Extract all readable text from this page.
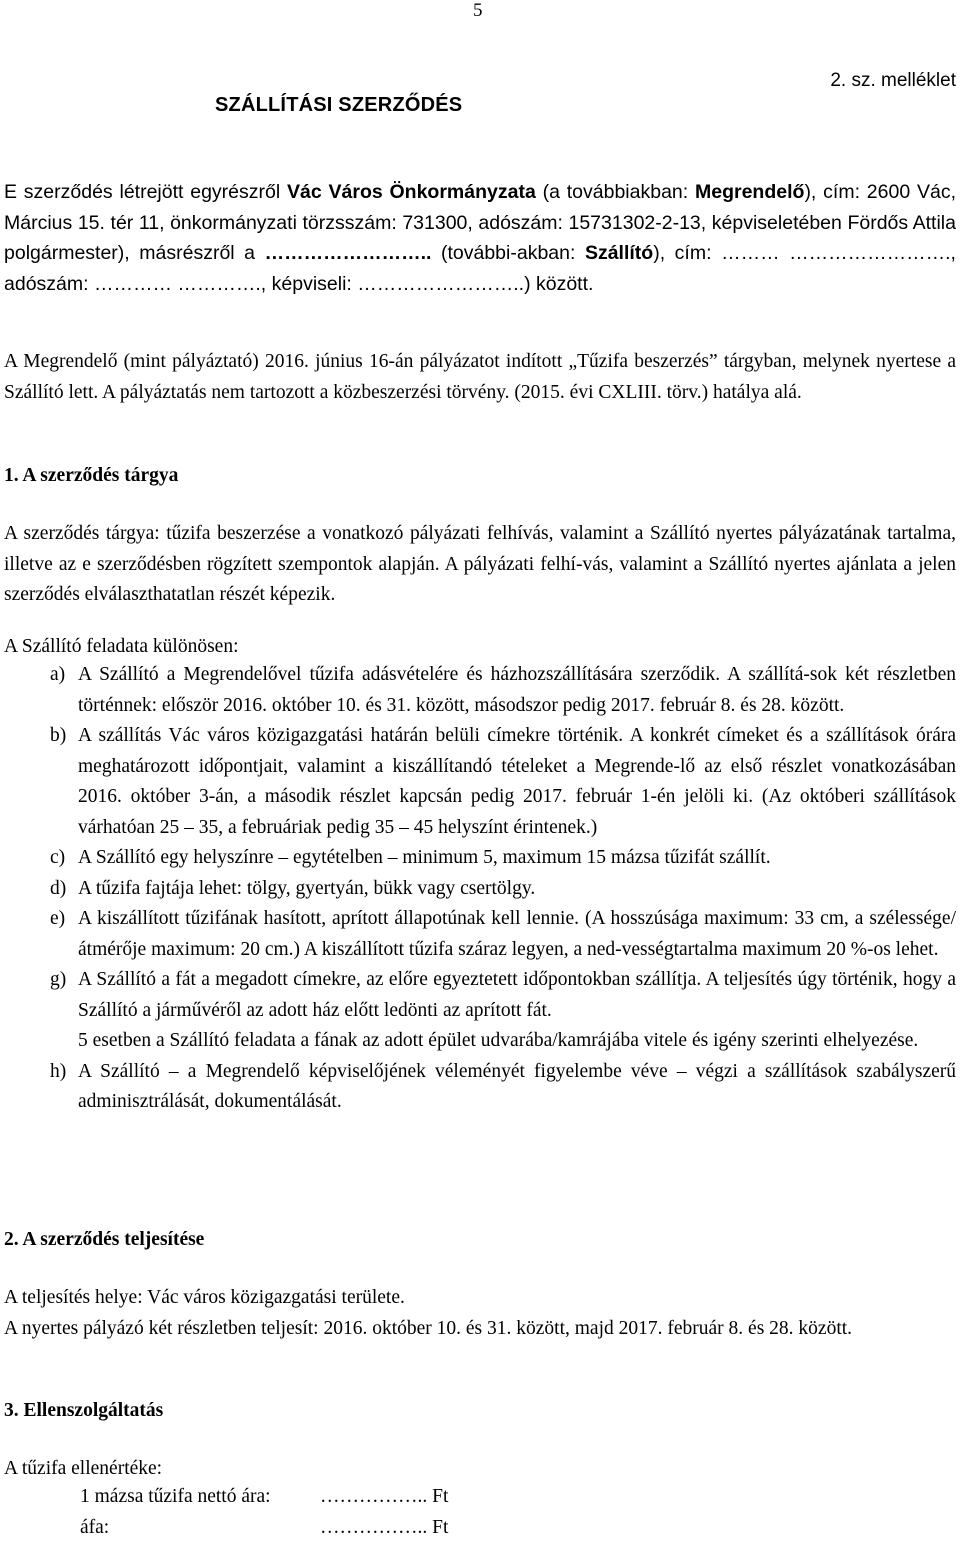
5
2. sz. melléklet
SZÁLLÍTÁSI SZERZŐDÉS

E szerződés létrejött egyrészről Vác Város Önkormányzata (a továbbiakban: Megrendelő), cím: 2600 Vác, Március 15. tér 11, önkormányzati törzsszám: 731300, adószám: 15731302-2-13, képviseletében Fördős Attila polgármester), másrészről a …………………….. (további-akban: Szállító), cím: ……… ……………………., adószám: ………… …………., képviseli: ……………………..) között.

A Megrendelő (mint pályáztató) 2016. június 16-án pályázatot indított „Tűzifa beszerzés” tárgyban, melynek nyertese a Szállító lett. A pályáztatás nem tartozott a közbeszerzési törvény. (2015. évi CXLIII. törv.) hatálya alá.

1. A szerződés tárgya

A szerződés tárgya: tűzifa beszerzése a vonatkozó pályázati felhívás, valamint a Szállító nyertes pályázatának tartalma, illetve az e szerződésben rögzített szempontok alapján. A pályázati felhí-vás, valamint a Szállító nyertes ajánlata a jelen szerződés elválaszthatatlan részét képezik.

A Szállító feladata különösen:
a) A Szállító a Megrendelővel tűzifa adásvételére és házhozszállítására szerződik. A szállítá-sok két részletben történnek: először 2016. október 10. és 31. között, másodszor pedig 2017. február 8. és 28. között.
b) A szállítás Vác város közigazgatási határán belüli címekre történik. A konkrét címeket és a szállítások órára meghatározott időpontjait, valamint a kiszállítandó tételeket a Megrende-lő az első részlet vonatkozásában 2016. október 3-án, a második részlet kapcsán pedig 2017. február 1-én jelöli ki. (Az októberi szállítások várhatóan 25 – 35, a februáriak pedig 35 – 45 helyszínt érintenek.)
c) A Szállító egy helyszínre – egytételben – minimum 5, maximum 15 mázsa tűzifát szállít.
d) A tűzifa fajtája lehet: tölgy, gyertyán, bükk vagy csertölgy.
e) A kiszállított tűzifának hasított, aprított állapotúnak kell lennie. (A hosszúsága maximum: 33 cm, a szélessége/átmérője maximum: 20 cm.) A kiszállított tűzifa száraz legyen, a ned-vességtartalma maximum 20 %-os lehet.
g) A Szállító a fát a megadott címekre, az előre egyeztetett időpontokban szállítja. A teljesítés úgy történik, hogy a Szállító a járművéről az adott ház előtt ledönti az aprított fát.
5 esetben a Szállító feladata a fának az adott épület udvarába/kamrájába vitele és igény szerinti elhelyezése.
h) A Szállító – a Megrendelő képviselőjének véleményét figyelembe véve – végzi a szállítások szabályszerű adminisztrálását, dokumentálását.
2. A szerződés teljesítése

A teljesítés helye: Vác város közigazgatási területe.

A nyertes pályázó két részletben teljesít: 2016. október 10. és 31. között, majd 2017. február 8. és 28. között.

3. Ellenszolgáltatás
A tűzifa ellenértéke:
1 mázsa tűzifa nettó ára:	…………….. Ft
áfa:	…………….. Ft
